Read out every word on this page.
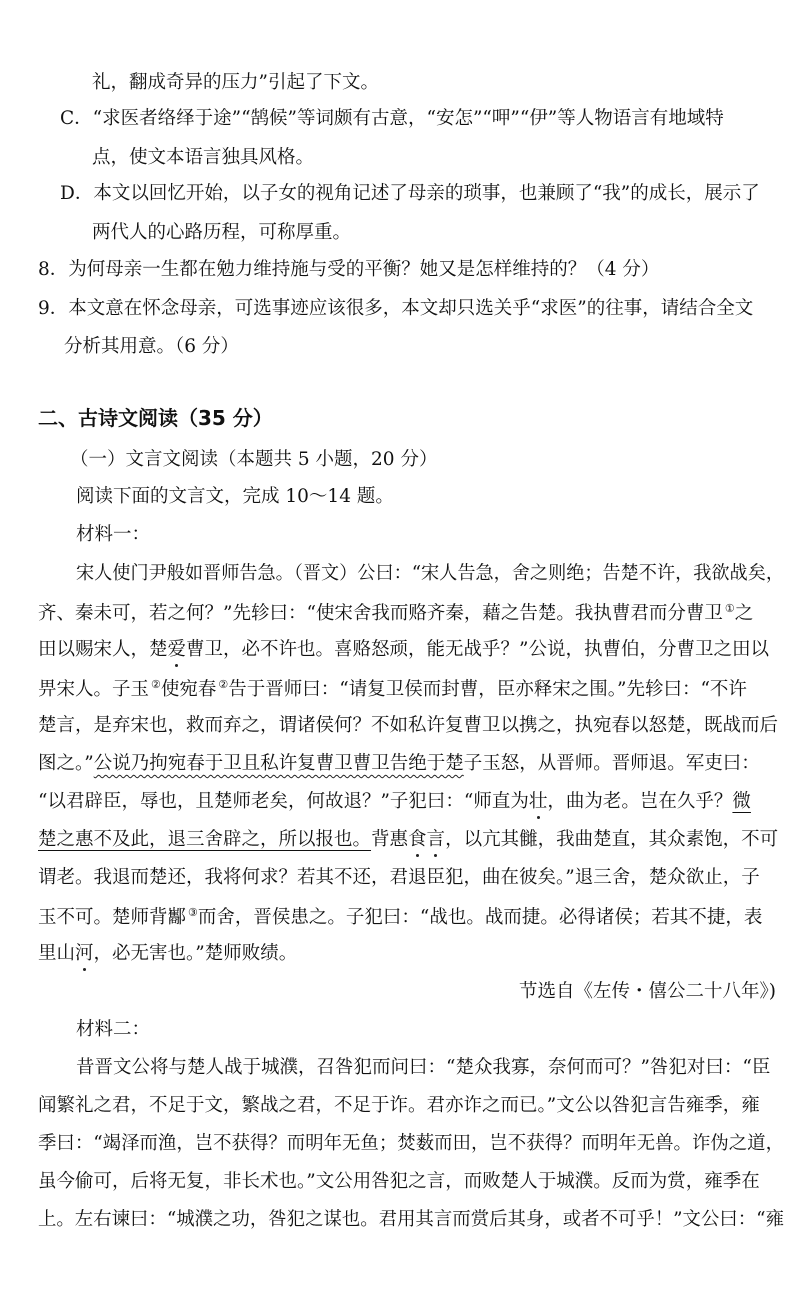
礼，翻成奇异的压力”引起了下文。
C．“求医者络绎于途”“鹄候”等词颇有古意，“安怎”“呷”“伊”等人物语言有地域特
点，使文本语言独具风格。
D．本文以回忆开始，以子女的视角记述了母亲的琐事，也兼顾了“我”的成长，展示了
两代人的心路历程，可称厚重。
8．为何母亲一生都在勉力维持施与受的平衡？她又是怎样维持的？（4 分）
9．本文意在怀念母亲，可选事迹应该很多，本文却只选关乎“求医”的往事，请结合全文
分析其用意。（6 分）
二、古诗文阅读（35 分）
（一）文言文阅读（本题共 5 小题，20 分）
阅读下面的文言文，完成 10～14 题。
材料一：
宋人使门尹般如晋师告急。（晋文）公曰：“宋人告急，舍之则绝；告楚不许，我欲战矣，
齐、秦未可，若之何？”先轸曰：“使宋舍我而赂齐秦，藉之告楚。我执曹君而分曹卫 ①之
田以赐宋人，楚爱曹卫，必不许也。喜赂怒顽，能无战乎？”公说，执曹伯，分曹卫之田以
畀宋人。子玉 ②使宛春 ②告于晋师曰：“请复卫侯而封曹，臣亦释宋之围。”先轸曰：“不许
楚言，是弃宋也，救而弃之，谓诸侯何？不如私许复曹卫以携之，执宛春以怒楚，既战而后
图之。”公说乃拘宛春于卫且私许复曹卫曹卫告绝于楚子玉怒，从晋师。晋师退。军吏曰：
“以君辟臣，辱也，且楚师老矣，何故退？”子犯曰：“师直为壮，曲为老。岂在久乎？微
楚之惠不及此，退三舍辟之，所以报也。背惠食言，以亢其雠，我曲楚直，其众素饱，不可
谓老。我退而楚还，我将何求？若其不还，君退臣犯，曲在彼矣。”退三舍，楚众欲止，子
玉不可。楚师背酅 ③而舍，晋侯患之。子犯曰：“战也。战而捷。必得诸侯；若其不捷，表
里山河，必无害也。”楚师败绩。
节选自《左传・僖公二十八年》)
材料二：
昔晋文公将与楚人战于城濮，召咎犯而问曰：“楚众我寡，奈何而可？”咎犯对曰：“臣
闻繁礼之君，不足于文，繁战之君，不足于诈。君亦诈之而已。”文公以咎犯言告雍季，雍
季曰：“竭泽而渔，岂不获得？而明年无鱼；焚薮而田，岂不获得？而明年无兽。诈伪之道，
虽今偷可，后将无复，非长术也。”文公用咎犯之言，而败楚人于城濮。反而为赏，雍季在
上。左右谏曰：“城濮之功，咎犯之谋也。君用其言而赏后其身，或者不可乎！”文公曰：“雍
